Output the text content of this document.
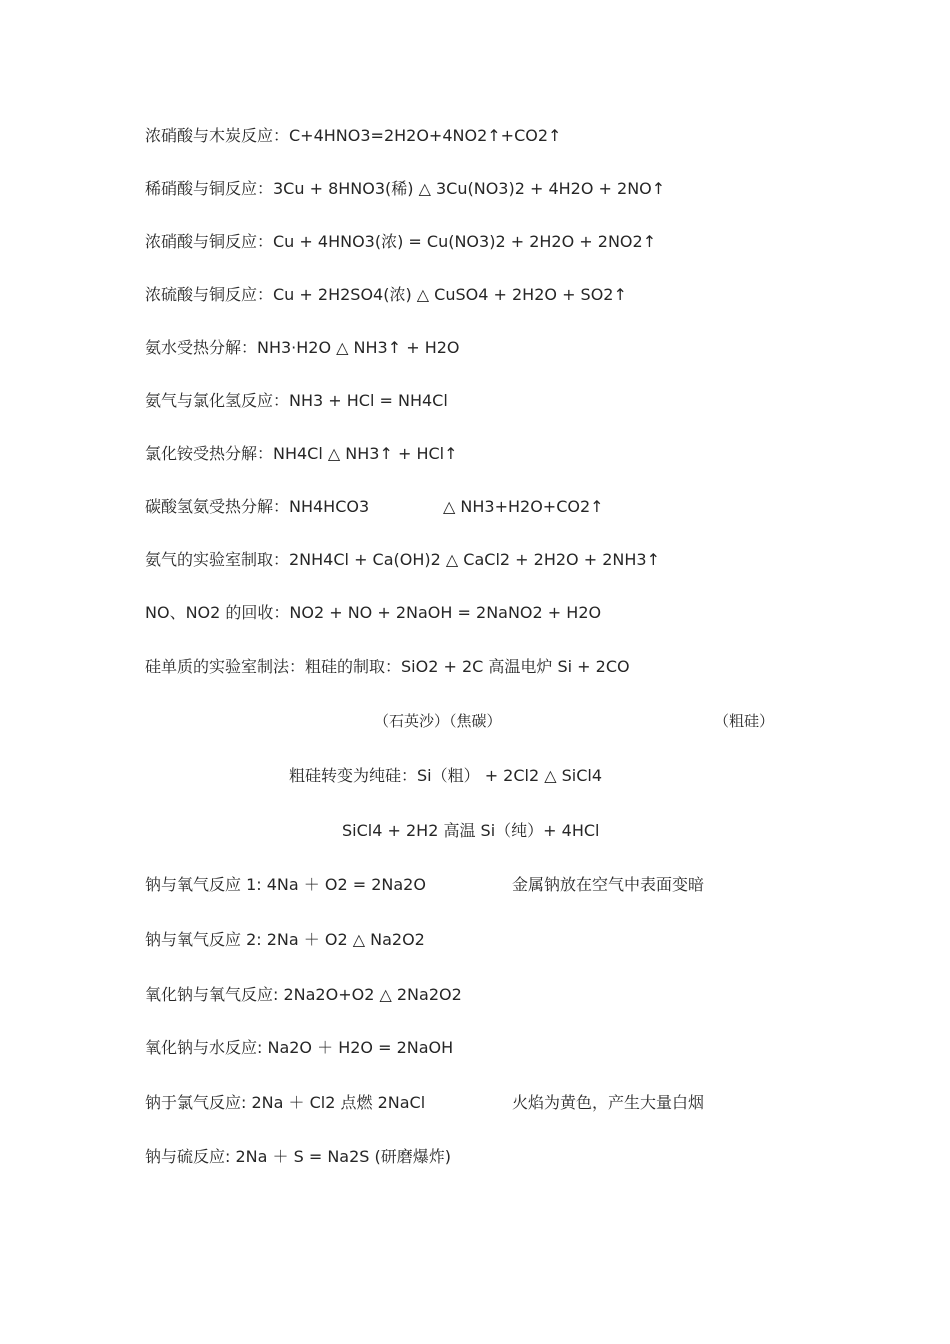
浓硝酸与木炭反应：C+4HNO3=2H2O+4NO2↑+CO2↑
稀硝酸与铜反应：3Cu + 8HNO3(稀) △ 3Cu(NO3)2 + 4H2O + 2NO↑
浓硝酸与铜反应：Cu + 4HNO3(浓) = Cu(NO3)2 + 2H2O + 2NO2↑
浓硫酸与铜反应：Cu + 2H2SO4(浓) △ CuSO4 + 2H2O + SO2↑
氨水受热分解：NH3·H2O △ NH3↑ + H2O
氨气与氯化氢反应：NH3 + HCl = NH4Cl
氯化铵受热分解：NH4Cl △ NH3↑ + HCl↑
碳酸氢氨受热分解：NH4HCO3	△ NH3+H2O+CO2↑
氨气的实验室制取：2NH4Cl + Ca(OH)2 △ CaCl2 + 2H2O + 2NH3↑
NO、NO2 的回收：NO2 + NO + 2NaOH = 2NaNO2 + H2O
硅单质的实验室制法：粗硅的制取：SiO2 + 2C 高温电炉 Si + 2CO
（石英沙）（焦碳）	（粗硅）
粗硅转变为纯硅：Si（粗） + 2Cl2 △ SiCl4
SiCl4 + 2H2 高温 Si（纯）+ 4HCl
钠与氧气反应 1: 4Na ＋ O2 = 2Na2O	金属钠放在空气中表面变暗
钠与氧气反应 2: 2Na ＋ O2 △ Na2O2
氧化钠与氧气反应: 2Na2O+O2 △ 2Na2O2
氧化钠与水反应: Na2O ＋ H2O = 2NaOH
钠于氯气反应: 2Na ＋ Cl2 点燃 2NaCl	火焰为黄色，产生大量白烟
钠与硫反应: 2Na ＋ S = Na2S (研磨爆炸)
